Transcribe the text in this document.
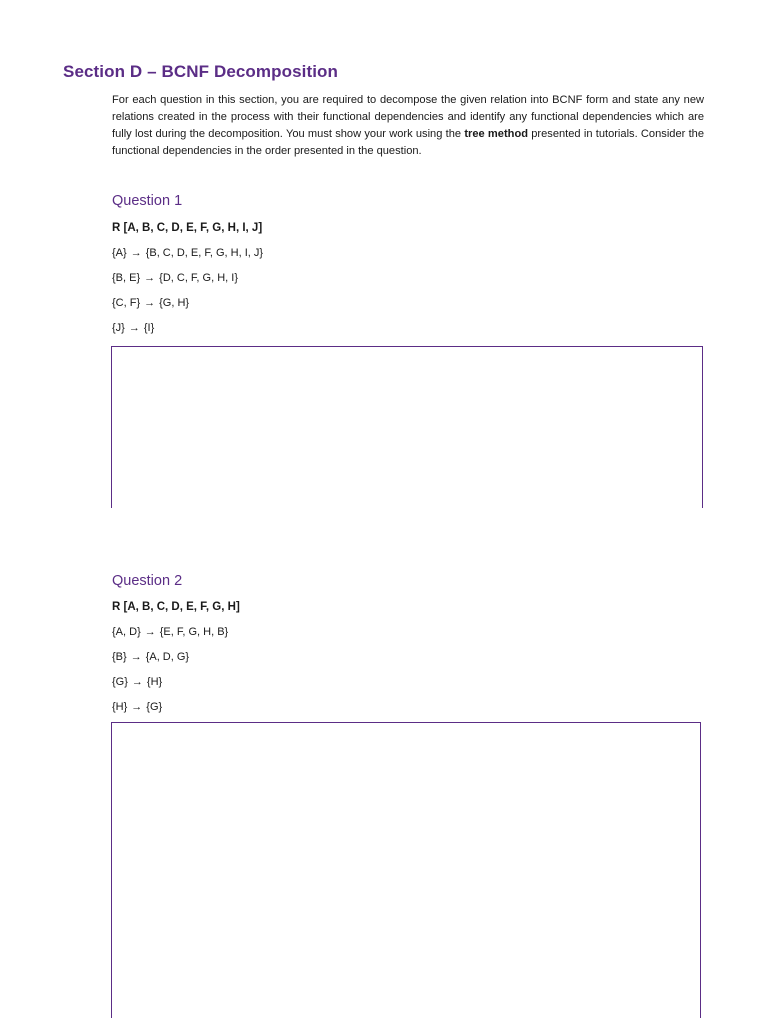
Section D – BCNF Decomposition
For each question in this section, you are required to decompose the given relation into BCNF form and state any new relations created in the process with their functional dependencies and identify any functional dependencies which are fully lost during the decomposition. You must show your work using the tree method presented in tutorials. Consider the functional dependencies in the order presented in the question.
Question 1
R [A, B, C, D, E, F, G, H, I, J]
{A} → {B, C, D, E, F, G, H, I, J}
{B, E} → {D, C, F, G, H, I}
{C, F} → {G, H}
{J} → {I}
Question 2
R [A, B, C, D, E, F, G, H]
{A, D} → {E, F, G, H, B}
{B} → {A, D, G}
{G} → {H}
{H} → {G}
